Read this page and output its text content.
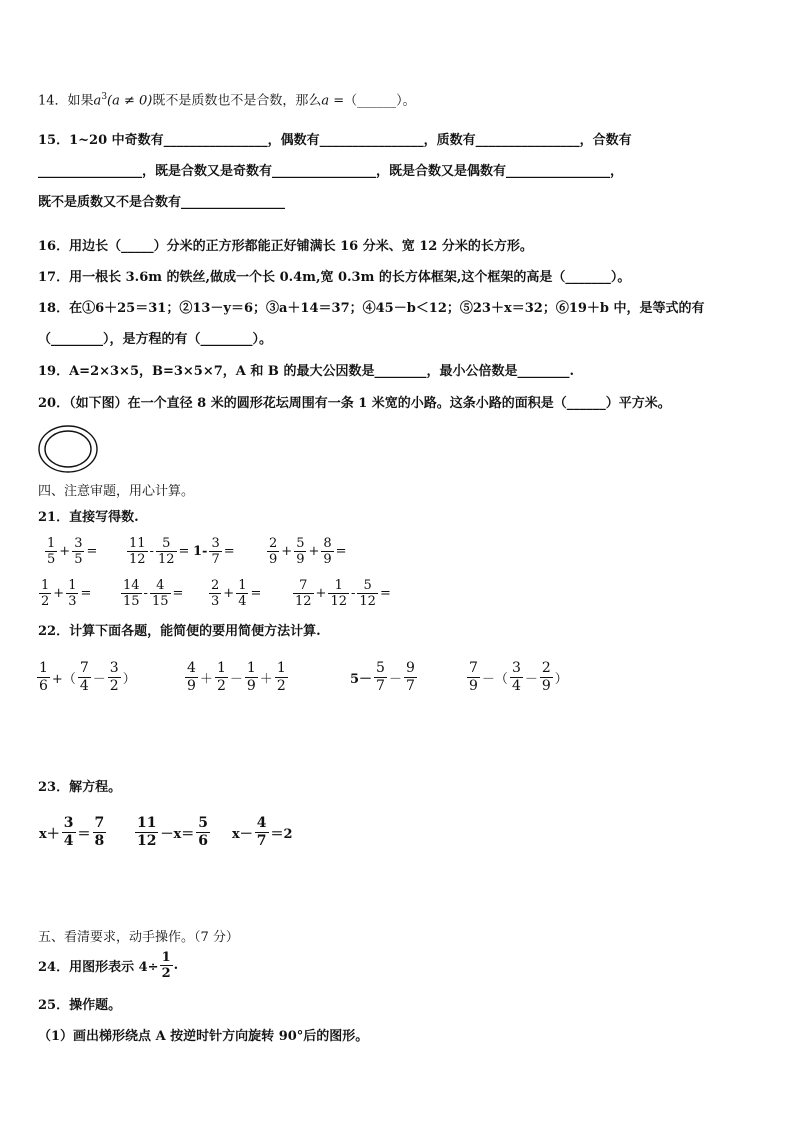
14．如果$a^3(a \ne 0)$既不是质数也不是合数，那么a =（______）。
15．1~20 中奇数有________________，偶数有________________，质数有________________，合数有
________________，既是合数又是奇数有________________，既是合数又是偶数有________________，
既不是质数又不是合数有________________
16．用边长（_____）分米的正方形都能正好铺满长 16 分米、宽 12 分米的长方形。
17．用一根长 3.6m 的铁丝,做成一个长 0.4m,宽 0.3m 的长方体框架,这个框架的高是（_______）。
18．在①6＋25＝31；②13－y＝6；③a＋14＝37；④45－b＜12；⑤23＋x＝32；⑥19＋b 中，是等式的有
（________），是方程的有（________）。
19．A=2×3×5，B=3×5×7，A 和 B 的最大公因数是________，最小公倍数是________.
20．（如下图）在一个直径 8 米的圆形花坛周围有一条 1 米宽的小路。这条小路的面积是（______）平方米。
四、注意审题，用心计算。
21．直接写得数.
$\frac{1}{5} + \frac{3}{5} = \frac{11}{12} - \frac{5}{12} = 1- \frac{3}{7} = \frac{2}{9} + \frac{5}{9} + \frac{8}{9}$ =
$\frac{1}{2} + \frac{1}{3} = \frac{14}{15} - \frac{4}{15} = \frac{2}{3} + \frac{1}{4} = \frac{7}{12} + \frac{1}{12} - \frac{5}{12}$ =
22．计算下面各题，能简便的要用简便方法计算.
$\frac{1}{6}$ +（ $\frac{7}{4} - \frac{3}{2}$ ）	$\frac{4}{9} + \frac{1}{2} - \frac{1}{9} + \frac{1}{2}$	$5- \frac{5}{7} - \frac{9}{7}$	$\frac{7}{9}$ －（ $\frac{3}{4} - \frac{2}{9}$ ）
23．解方程。
$x+ \frac{3}{4} = \frac{7}{8} \frac{11}{12} -x= \frac{5}{6} x- \frac{4}{7} =2$
五、看清要求，动手操作。（7 分）
24．用图形表示 $4\div \frac{1}{2}$ .
25．操作题。
（1）画出梯形绕点 A 按逆时针方向旋转 90°后的图形。
